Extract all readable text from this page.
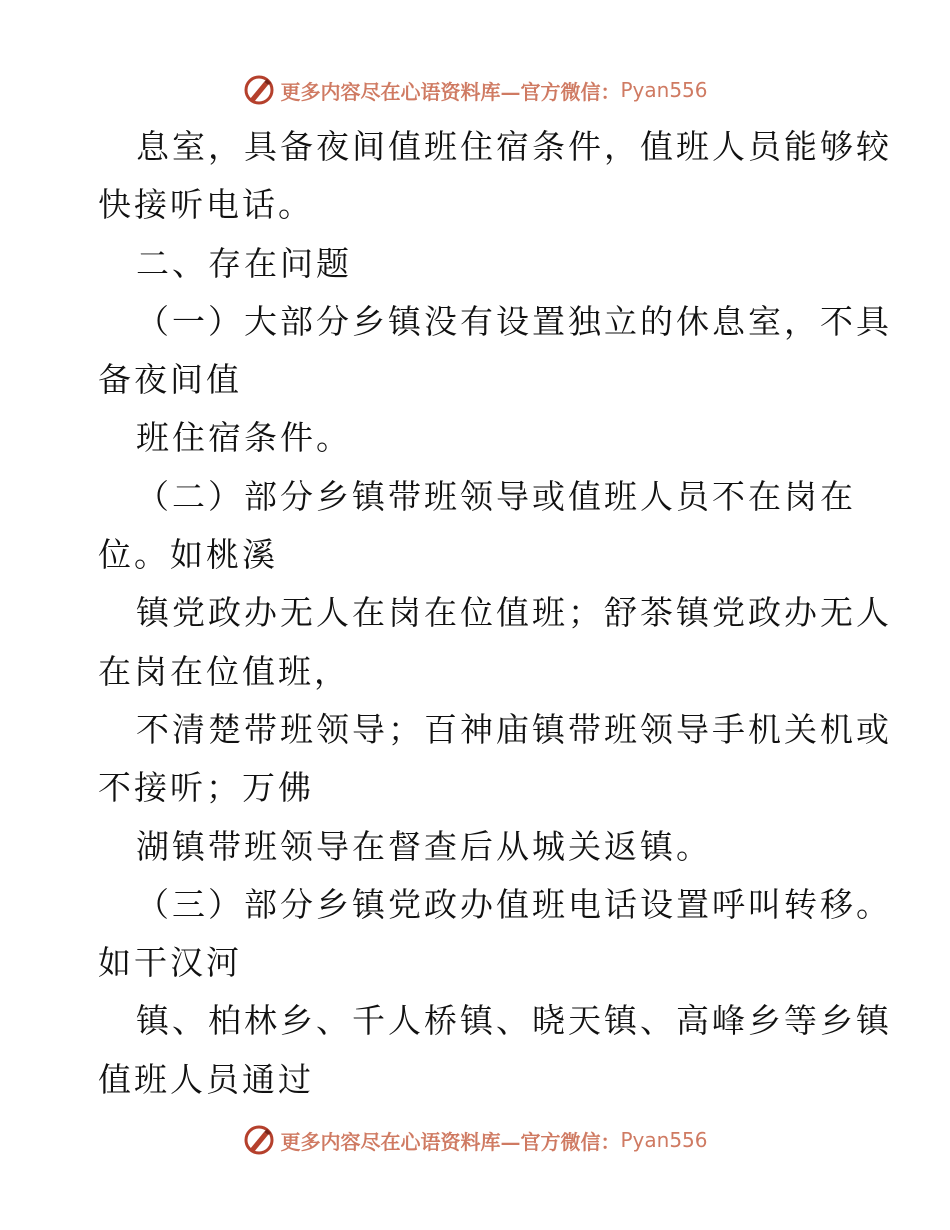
更多内容尽在心语资料库—官方微信： Pyan556
息室，具备夜间值班住宿条件，值班人员能够较
快接听电话。
二、存在问题
（一）大部分乡镇没有设置独立的休息室，不具
备夜间值
班住宿条件。
（二）部分乡镇带班领导或值班人员不在岗在
位。如桃溪
镇党政办无人在岗在位值班；舒茶镇党政办无人
在岗在位值班，
不清楚带班领导；百神庙镇带班领导手机关机或
不接听；万佛
湖镇带班领导在督查后从城关返镇。
（三）部分乡镇党政办值班电话设置呼叫转移。
如干汉河
镇、柏林乡、千人桥镇、晓天镇、高峰乡等乡镇
值班人员通过
更多内容尽在心语资料库—官方微信： Pyan556
